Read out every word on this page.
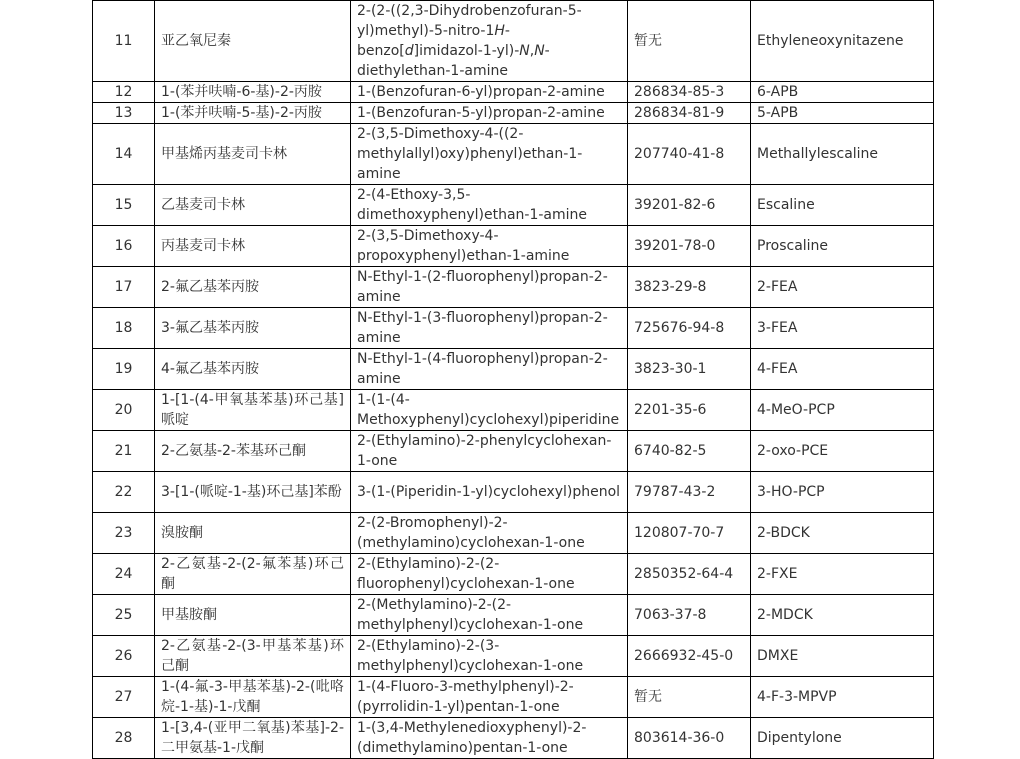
11	亚乙氧尼秦	2-(2-((2,3-Dihydrobenzofuran-5-yl)methyl)-5-nitro-1H-benzo[d]imidazol-1-yl)-N,N-diethylethan-1-amine	暂无	Ethyleneoxynitazene
12	1-(苯并呋喃-6-基)-2-丙胺	1-(Benzofuran-6-yl)propan-2-amine	286834-85-3	6-APB
13	1-(苯并呋喃-5-基)-2-丙胺	1-(Benzofuran-5-yl)propan-2-amine	286834-81-9	5-APB
14	甲基烯丙基麦司卡林	2-(3,5-Dimethoxy-4-((2-methylallyl)oxy)phenyl)ethan-1-amine	207740-41-8	Methallylescaline
15	乙基麦司卡林	2-(4-Ethoxy-3,5-dimethoxyphenyl)ethan-1-amine	39201-82-6	Escaline
16	丙基麦司卡林	2-(3,5-Dimethoxy-4-propoxyphenyl)ethan-1-amine	39201-78-0	Proscaline
17	2-氟乙基苯丙胺	N-Ethyl-1-(2-fluorophenyl)propan-2-amine	3823-29-8	2-FEA
18	3-氟乙基苯丙胺	N-Ethyl-1-(3-fluorophenyl)propan-2-amine	725676-94-8	3-FEA
19	4-氟乙基苯丙胺	N-Ethyl-1-(4-fluorophenyl)propan-2-amine	3823-30-1	4-FEA
20	1-[1-(4-甲氧基苯基)环己基]哌啶	1-(1-(4-Methoxyphenyl)cyclohexyl)piperidine	2201-35-6	4-MeO-PCP
21	2-乙氨基-2-苯基环己酮	2-(Ethylamino)-2-phenylcyclohexan-1-one	6740-82-5	2-oxo-PCE
22	3-[1-(哌啶-1-基)环己基]苯酚	3-(1-(Piperidin-1-yl)cyclohexyl)phenol	79787-43-2	3-HO-PCP
23	溴胺酮	2-(2-Bromophenyl)-2-(methylamino)cyclohexan-1-one	120807-70-7	2-BDCK
24	2-乙氨基-2-(2-氟苯基)环己酮	2-(Ethylamino)-2-(2-fluorophenyl)cyclohexan-1-one	2850352-64-4	2-FXE
25	甲基胺酮	2-(Methylamino)-2-(2-methylphenyl)cyclohexan-1-one	7063-37-8	2-MDCK
26	2-乙氨基-2-(3-甲基苯基)环己酮	2-(Ethylamino)-2-(3-methylphenyl)cyclohexan-1-one	2666932-45-0	DMXE
27	1-(4-氟-3-甲基苯基)-2-(吡咯烷-1-基)-1-戊酮	1-(4-Fluoro-3-methylphenyl)-2-(pyrrolidin-1-yl)pentan-1-one	暂无	4-F-3-MPVP
28	1-[3,4-(亚甲二氧基)苯基]-2-二甲氨基-1-戊酮	1-(3,4-Methylenedioxyphenyl)-2-(dimethylamino)pentan-1-one	803614-36-0	Dipentylone
